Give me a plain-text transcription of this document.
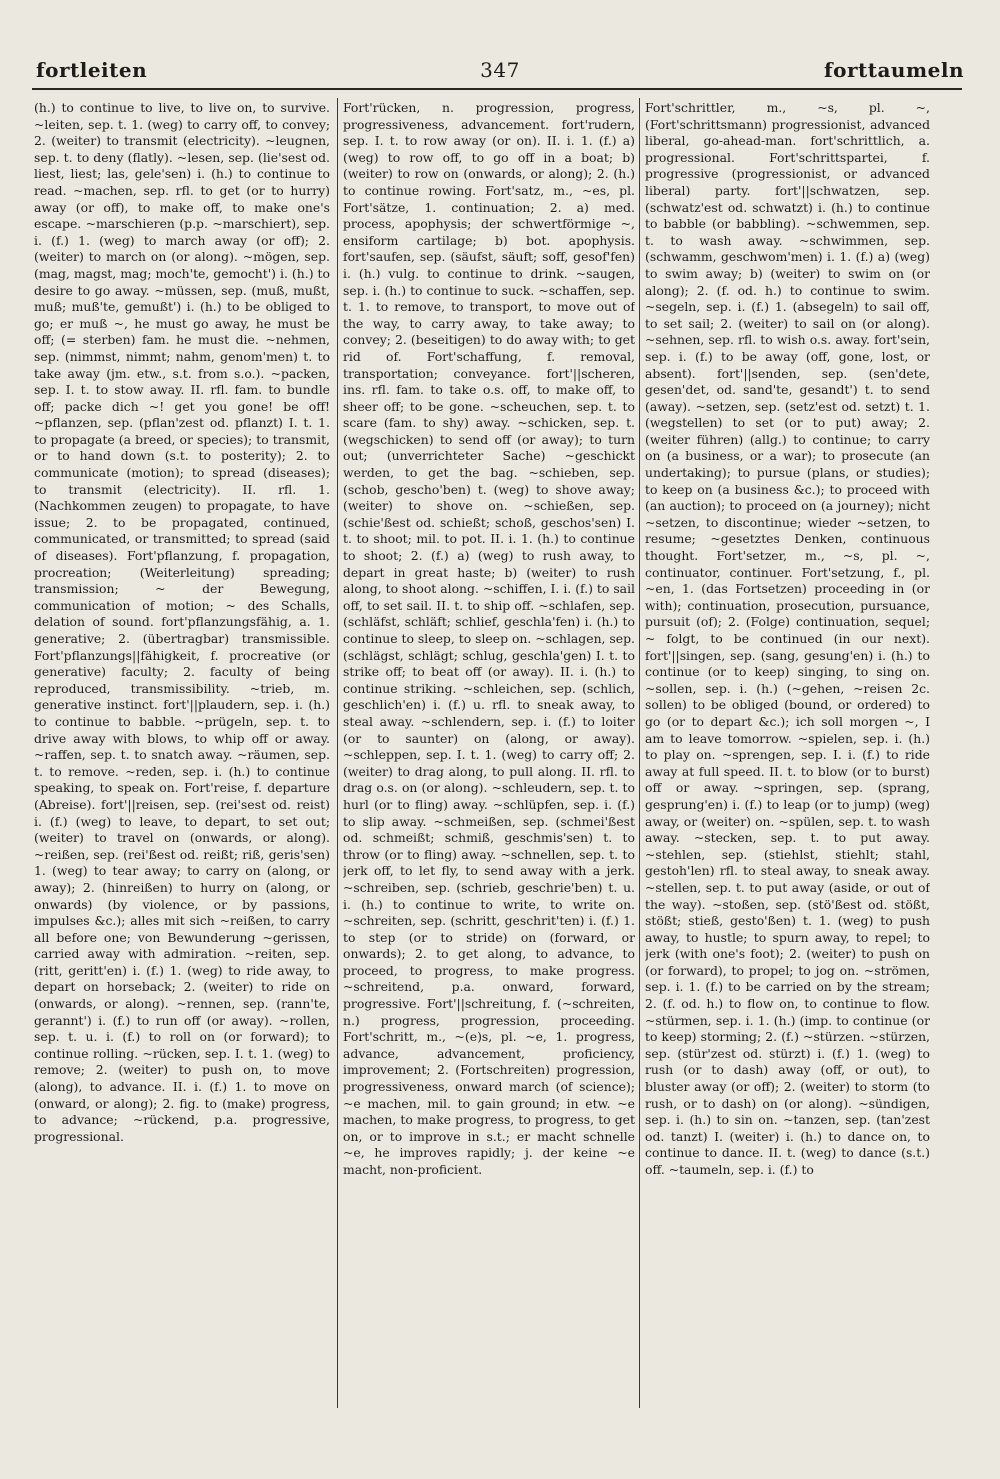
fortleiten	347	forttaumeln

(h.) to continue to live, to live on, to survive. ~leiten, sep. t. 1. (weg) to carry off, to convey; 2. (weiter) to transmit (electricity). ~leugnen, sep. t. to deny (flatly). ~lesen, sep. (lie'sest od. liest, liest; las, gele'sen) i. (h.) to continue to read. ~machen, sep. rfl. to get (or to hurry) away (or off), to make off, to make one's escape. ~marschieren (p.p. ~marschiert), sep. i. (f.) 1. (weg) to march away (or off); 2. (weiter) to march on (or along). ~mögen, sep. (mag, magst, mag; moch'te, gemocht') i. (h.) to desire to go away. ~müssen, sep. (muß, mußt, muß; muß'te, gemußt') i. (h.) to be obliged to go; er muß ~, he must go away, he must be off; (= sterben) fam. he must die. ~nehmen, sep. (nimmst, nimmt; nahm, genom'men) t. to take away (jm. etw., s.t. from s.o.). ~packen, sep. I. t. to stow away. II. rfl. fam. to bundle off; packe dich ~! get you gone! be off! ~pflanzen, sep. (pflan'zest od. pflanzt) I. t. 1. to propagate (a breed, or species); to transmit, or to hand down (s.t. to posterity); 2. to communicate (motion); to spread (diseases); to transmit (electricity). II. rfl. 1. (Nachkommen zeugen) to propagate, to have issue; 2. to be propagated, continued, communicated, or transmitted; to spread (said of diseases). Fort'pflanzung, f. propagation, procreation; (Weiterleitung) spreading; transmission; ~ der Bewegung, communication of motion; ~ des Schalls, delation of sound. fort'pflanzungsfähig, a. 1. generative; 2. (übertragbar) transmissible. Fort'pflanzungs||fähigkeit, f. procreative (or generative) faculty; 2. faculty of being reproduced, transmissibility. ~trieb, m. generative instinct. fort'||plaudern, sep. i. (h.) to continue to babble. ~prügeln, sep. t. to drive away with blows, to whip off or away. ~raffen, sep. t. to snatch away. ~räumen, sep. t. to remove. ~reden, sep. i. (h.) to continue speaking, to speak on. Fort'reise, f. departure (Abreise). fort'||reisen, sep. (rei'sest od. reist) i. (f.) (weg) to leave, to depart, to set out; (weiter) to travel on (onwards, or along). ~reißen, sep. (rei'ßest od. reißt; riß, geris'sen) 1. (weg) to tear away; to carry on (along, or away); 2. (hinreißen) to hurry on (along, or onwards) (by violence, or by passions, impulses &c.); alles mit sich ~reißen, to carry all before one; von Bewunderung ~gerissen, carried away with admiration. ~reiten, sep. (ritt, geritt'en) i. (f.) 1. (weg) to ride away, to depart on horseback; 2. (weiter) to ride on (onwards, or along). ~rennen, sep. (rann'te, gerannt') i. (f.) to run off (or away). ~rollen, sep. t. u. i. (f.) to roll on (or forward); to continue rolling. ~rücken, sep. I. t. 1. (weg) to remove; 2. (weiter) to push on, to move (along), to advance. II. i. (f.) 1. to move on (onward, or along); 2. fig. to (make) progress, to advance; ~rückend, p.a. progressive, progressional.

Fort'rücken, n. progression, progress, progressiveness, advancement. fort'rudern, sep. I. t. to row away (or on). II. i. 1. (f.) a) (weg) to row off, to go off in a boat; b) (weiter) to row on (onwards, or along); 2. (h.) to continue rowing. Fort'satz, m., ~es, pl. Fort'sätze, 1. continuation; 2. a) med. process, apophysis; der schwertförmige ~, ensiform cartilage; b) bot. apophysis. fort'saufen, sep. (säufst, säuft; soff, gesof'fen) i. (h.) vulg. to continue to drink. ~saugen, sep. i. (h.) to continue to suck. ~schaffen, sep. t. 1. to remove, to transport, to move out of the way, to carry away, to take away; to convey; 2. (beseitigen) to do away with; to get rid of. Fort'schaffung, f. removal, transportation; conveyance. fort'||scheren, ins. rfl. fam. to take o.s. off, to make off, to sheer off; to be gone. ~scheuchen, sep. t. to scare (fam. to shy) away. ~schicken, sep. t. (wegschicken) to send off (or away); to turn out; (unverrichteter Sache) ~geschickt werden, to get the bag. ~schieben, sep. (schob, gescho'ben) t. (weg) to shove away; (weiter) to shove on. ~schießen, sep. (schie'ßest od. schießt; schoß, geschos'sen) I. t. to shoot; mil. to pot. II. i. 1. (h.) to continue to shoot; 2. (f.) a) (weg) to rush away, to depart in great haste; b) (weiter) to rush along, to shoot along. ~schiffen, I. i. (f.) to sail off, to set sail. II. t. to ship off. ~schlafen, sep. (schläfst, schläft; schlief, geschla'fen) i. (h.) to continue to sleep, to sleep on. ~schlagen, sep. (schlägst, schlägt; schlug, geschla'gen) I. t. to strike off; to beat off (or away). II. i. (h.) to continue striking. ~schleichen, sep. (schlich, geschlich'en) i. (f.) u. rfl. to sneak away, to steal away. ~schlendern, sep. i. (f.) to loiter (or to saunter) on (along, or away). ~schleppen, sep. I. t. 1. (weg) to carry off; 2. (weiter) to drag along, to pull along. II. rfl. to drag o.s. on (or along). ~schleudern, sep. t. to hurl (or to fling) away. ~schlüpfen, sep. i. (f.) to slip away. ~schmeißen, sep. (schmei'ßest od. schmeißt; schmiß, geschmis'sen) t. to throw (or to fling) away. ~schnellen, sep. t. to jerk off, to let fly, to send away with a jerk. ~schreiben, sep. (schrieb, geschrie'ben) t. u. i. (h.) to continue to write, to write on. ~schreiten, sep. (schritt, geschrit'ten) i. (f.) 1. to step (or to stride) on (forward, or onwards); 2. to get along, to advance, to proceed, to progress, to make progress. ~schreitend, p.a. onward, forward, progressive. Fort'||schreitung, f. (~schreiten, n.) progress, progression, proceeding. Fort'schritt, m., ~(e)s, pl. ~e, 1. progress, advance, advancement, proficiency, improvement; 2. (Fortschreiten) progression, progressiveness, onward march (of science); ~e machen, mil. to gain ground; in etw. ~e machen, to make progress, to progress, to get on, or to improve in s.t.; er macht schnelle ~e, he improves rapidly; j. der keine ~e macht, non-proficient.

Fort'schrittler, m., ~s, pl. ~, (Fort'schrittsmann) progressionist, advanced liberal, go-ahead-man. fort'schrittlich, a. progressional. Fort'schrittspartei, f. progressive (progressionist, or advanced liberal) party. fort'||schwatzen, sep. (schwatz'est od. schwatzt) i. (h.) to continue to babble (or babbling). ~schwemmen, sep. t. to wash away. ~schwimmen, sep. (schwamm, geschwom'men) i. 1. (f.) a) (weg) to swim away; b) (weiter) to swim on (or along); 2. (f. od. h.) to continue to swim. ~segeln, sep. i. (f.) 1. (absegeln) to sail off, to set sail; 2. (weiter) to sail on (or along). ~sehnen, sep. rfl. to wish o.s. away. fort'sein, sep. i. (f.) to be away (off, gone, lost, or absent). fort'||senden, sep. (sen'dete, gesen'det, od. sand'te, gesandt') t. to send (away). ~setzen, sep. (setz'est od. setzt) t. 1. (wegstellen) to set (or to put) away; 2. (weiter führen) (allg.) to continue; to carry on (a business, or a war); to prosecute (an undertaking); to pursue (plans, or studies); to keep on (a business &c.); to proceed with (an auction); to proceed on (a journey); nicht ~setzen, to discontinue; wieder ~setzen, to resume; ~gesetztes Denken, continuous thought. Fort'setzer, m., ~s, pl. ~, continuator, continuer. Fort'setzung, f., pl. ~en, 1. (das Fortsetzen) proceeding in (or with); continuation, prosecution, pursuance, pursuit (of); 2. (Folge) continuation, sequel; ~ folgt, to be continued (in our next). fort'||singen, sep. (sang, gesung'en) i. (h.) to continue (or to keep) singing, to sing on. ~sollen, sep. i. (h.) (~gehen, ~reisen 2c. sollen) to be obliged (bound, or ordered) to go (or to depart &c.); ich soll morgen ~, I am to leave tomorrow. ~spielen, sep. i. (h.) to play on. ~sprengen, sep. I. i. (f.) to ride away at full speed. II. t. to blow (or to burst) off or away. ~springen, sep. (sprang, gesprung'en) i. (f.) to leap (or to jump) (weg) away, or (weiter) on. ~spülen, sep. t. to wash away. ~stecken, sep. t. to put away. ~stehlen, sep. (stiehlst, stiehlt; stahl, gestoh'len) rfl. to steal away, to sneak away. ~stellen, sep. t. to put away (aside, or out of the way). ~stoßen, sep. (stö'ßest od. stößt, stößt; stieß, gesto'ßen) t. 1. (weg) to push away, to hustle; to spurn away, to repel; to jerk (with one's foot); 2. (weiter) to push on (or forward), to propel; to jog on. ~strömen, sep. i. 1. (f.) to be carried on by the stream; 2. (f. od. h.) to flow on, to continue to flow. ~stürmen, sep. i. 1. (h.) (imp. to continue (or to keep) storming; 2. (f.) ~stürzen. ~stürzen, sep. (stür'zest od. stürzt) i. (f.) 1. (weg) to rush (or to dash) away (off, or out), to bluster away (or off); 2. (weiter) to storm (to rush, or to dash) on (or along). ~sündigen, sep. i. (h.) to sin on. ~tanzen, sep. (tan'zest od. tanzt) I. (weiter) i. (h.) to dance on, to continue to dance. II. t. (weg) to dance (s.t.) off. ~taumeln, sep. i. (f.) to
